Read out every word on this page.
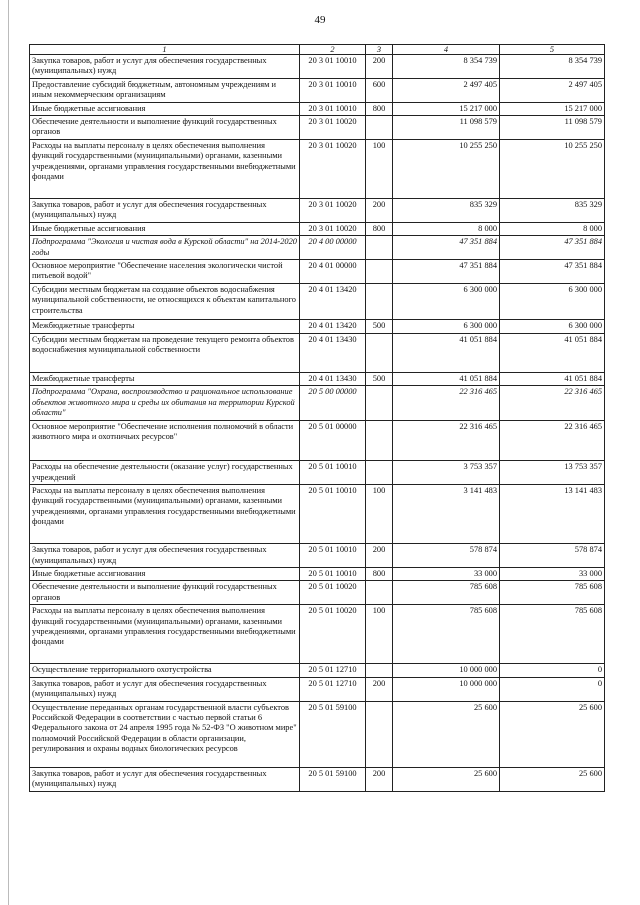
49
1	2	3	4	5
Закупка товаров, работ и услуг для обеспечения государственных (муниципальных) нужд	20 3 01 10010	200	8 354 739	8 354 739
Предоставление субсидий бюджетным, автономным учреждениям и иным некоммерческим организациям	20 3 01 10010	600	2 497 405	2 497 405
Иные бюджетные ассигнования	20 3 01 10010	800	15 217 000	15 217 000
Обеспечение деятельности и выполнение функций государственных органов	20 3 01 10020		11 098 579	11 098 579
Расходы на выплаты персоналу в целях обеспечения выполнения функций государственными (муниципальными) органами, казенными учреждениями, органами управления государственными внебюджетными фондами	20 3 01 10020	100	10 255 250	10 255 250
Закупка товаров, работ и услуг для обеспечения государственных (муниципальных) нужд	20 3 01 10020	200	835 329	835 329
Иные бюджетные ассигнования	20 3 01 10020	800	8 000	8 000
Подпрограмма "Экология и чистая вода в Курской области" на 2014-2020 годы	20 4 00 00000		47 351 884	47 351 884
Основное мероприятие "Обеспечение населения экологически чистой питьевой водой"	20 4 01 00000		47 351 884	47 351 884
Субсидии местным бюджетам на создание объектов водоснабжения муниципальной собственности, не относящихся к объектам капитального строительства	20 4 01 13420		6 300 000	6 300 000
Межбюджетные трансферты	20 4 01 13420	500	6 300 000	6 300 000
Субсидии местным бюджетам на проведение текущего ремонта объектов водоснабжения муниципальной собственности	20 4 01 13430		41 051 884	41 051 884
Межбюджетные трансферты	20 4 01 13430	500	41 051 884	41 051 884
Подпрограмма "Охрана, воспроизводство и рациональное использование объектов животного мира и среды их обитания на территории Курской области"	20 5 00 00000		22 316 465	22 316 465
Основное мероприятие "Обеспечение исполнения полномочий в области животного мира и охотничьих ресурсов"	20 5 01 00000		22 316 465	22 316 465
Расходы на обеспечение деятельности (оказание услуг) государственных учреждений	20 5 01 10010		3 753 357	13 753 357
Расходы на выплаты персоналу в целях обеспечения выполнения функций государственными (муниципальными) органами, казенными учреждениями, органами управления государственными внебюджетными фондами	20 5 01 10010	100	3 141 483	13 141 483
Закупка товаров, работ и услуг для обеспечения государственных (муниципальных) нужд	20 5 01 10010	200	578 874	578 874
Иные бюджетные ассигнования	20 5 01 10010	800	33 000	33 000
Обеспечение деятельности и выполнение функций государственных органов	20 5 01 10020		785 608	785 608
Расходы на выплаты персоналу в целях обеспечения выполнения функций государственными (муниципальными) органами, казенными учреждениями, органами управления государственными внебюджетными фондами	20 5 01 10020	100	785 608	785 608
Осуществление территориального охотустройства	20 5 01 12710		10 000 000	0
Закупка товаров, работ и услуг для обеспечения государственных (муниципальных) нужд	20 5 01 12710	200	10 000 000	0
Осуществление переданных органам государственной власти субъектов Российской Федерации в соответствии с частью первой статьи 6 Федерального закона от 24 апреля 1995 года № 52-ФЗ "О животном мире" полномочий Российской Федерации в области организации, регулирования и охраны водных биологических ресурсов	20 5 01 59100		25 600	25 600
Закупка товаров, работ и услуг для обеспечения государственных (муниципальных) нужд	20 5 01 59100	200	25 600	25 600
